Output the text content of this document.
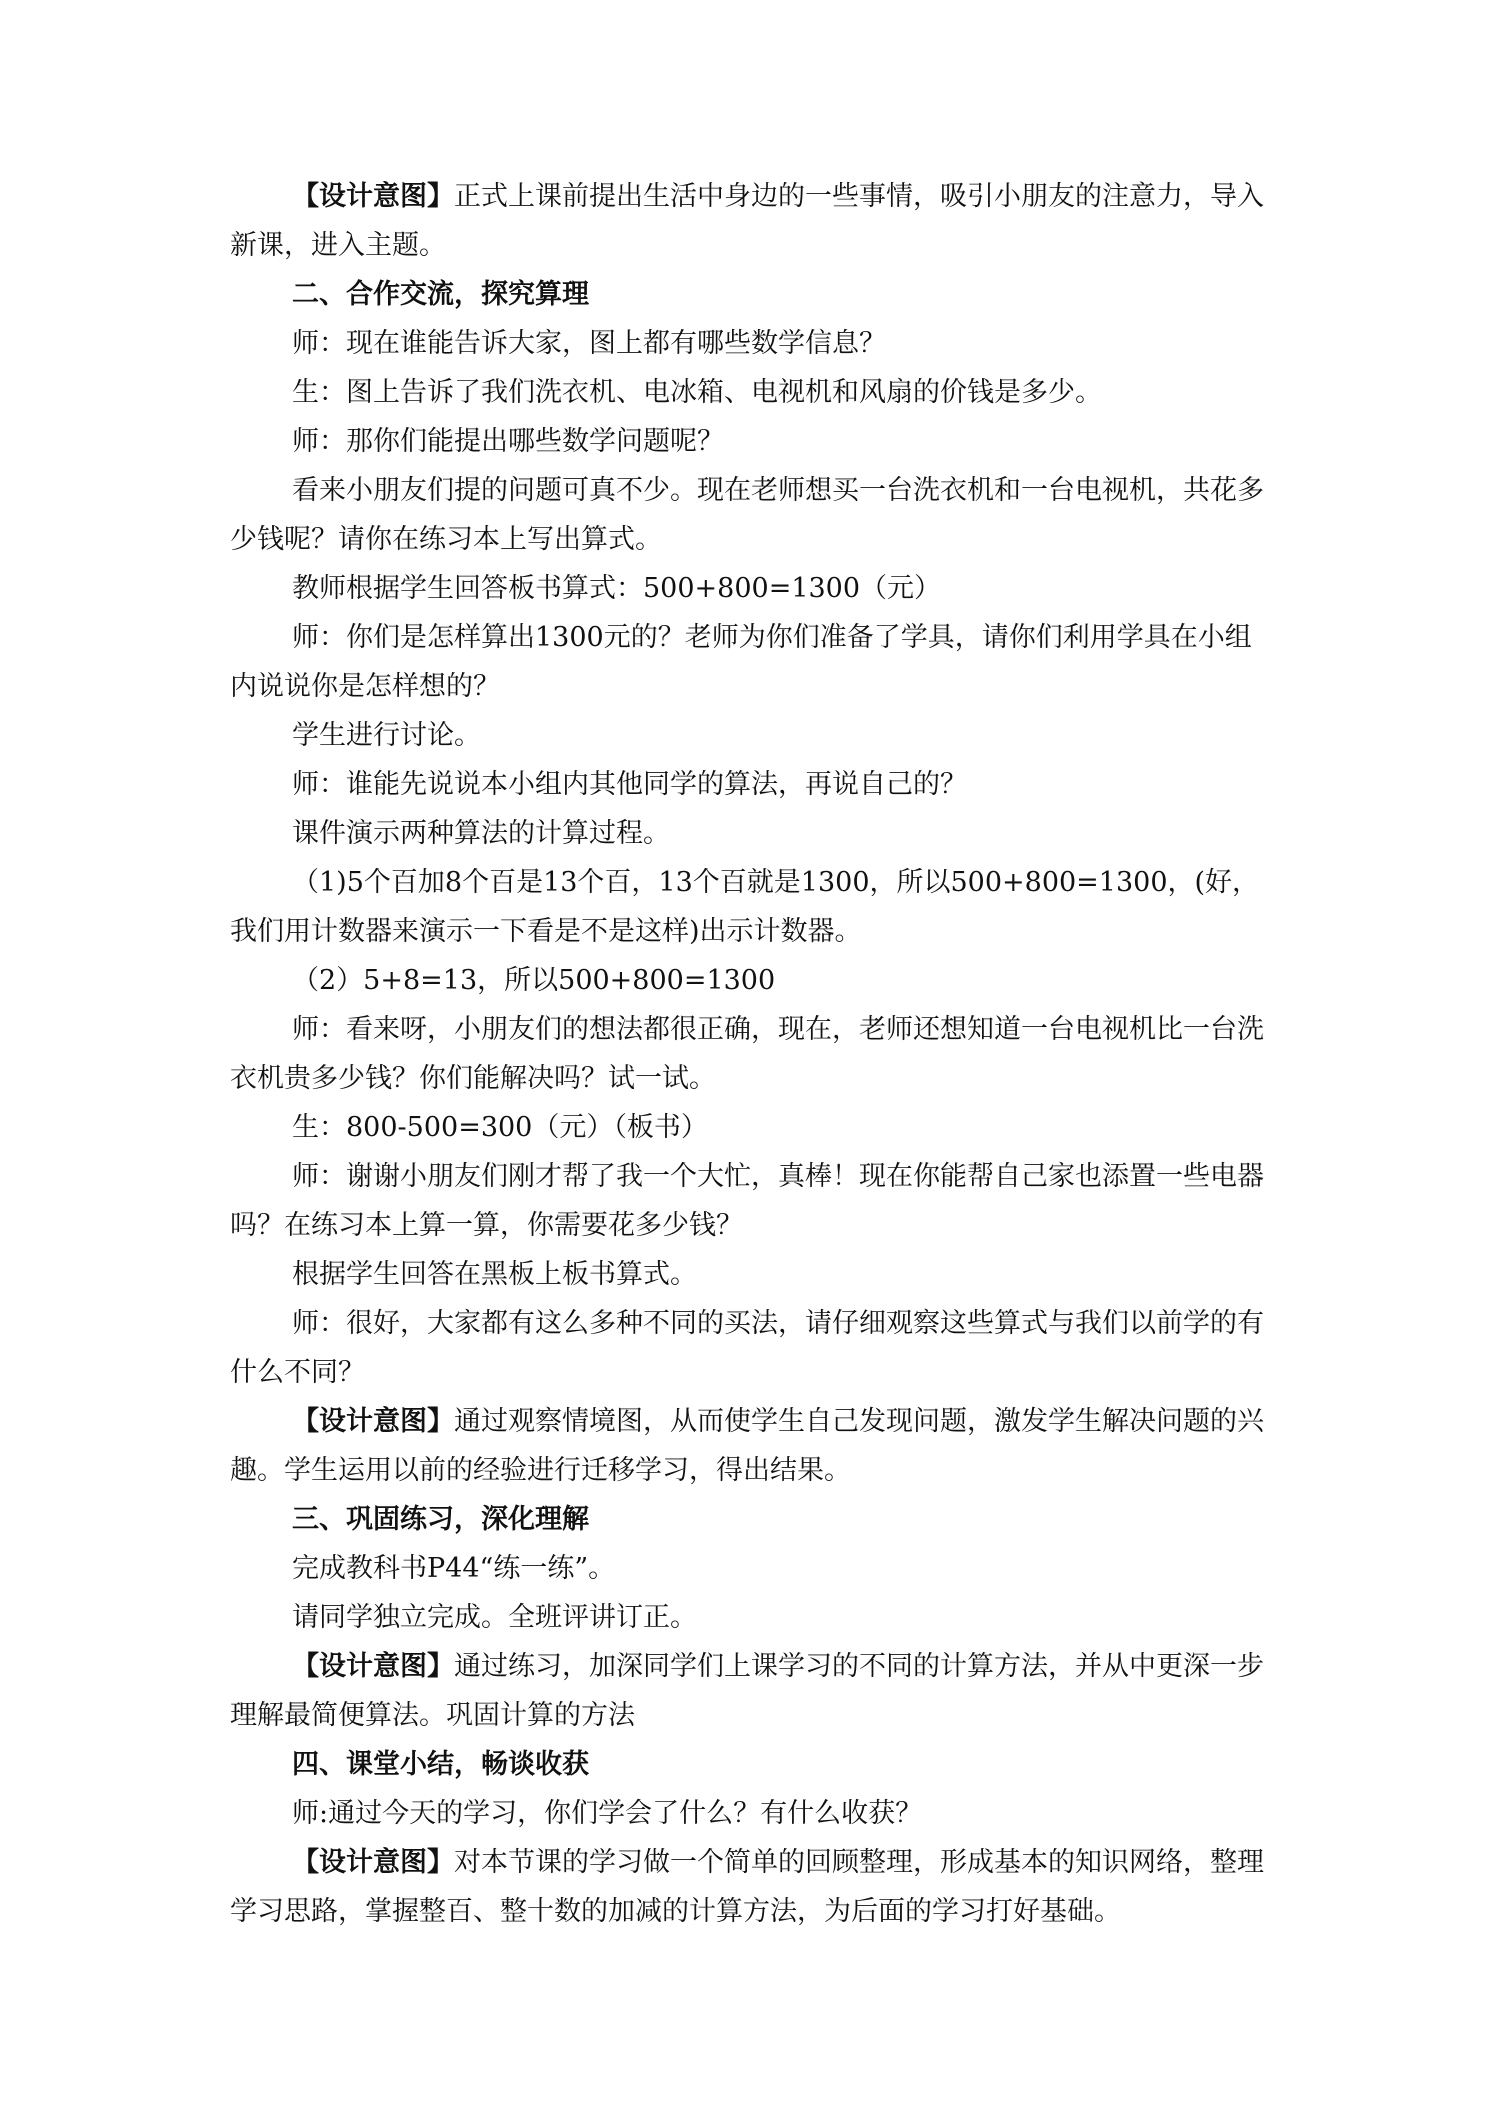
【设计意图】正式上课前提出生活中身边的一些事情，吸引小朋友的注意力，导入新课，进入主题。

二、合作交流，探究算理

师：现在谁能告诉大家，图上都有哪些数学信息？

生：图上告诉了我们洗衣机、电冰箱、电视机和风扇的价钱是多少。

师：那你们能提出哪些数学问题呢？

看来小朋友们提的问题可真不少。现在老师想买一台洗衣机和一台电视机，共花多少钱呢？请你在练习本上写出算式。

教师根据学生回答板书算式：500+800=1300（元）

师：你们是怎样算出1300元的？老师为你们准备了学具，请你们利用学具在小组内说说你是怎样想的？

学生进行讨论。

师：谁能先说说本小组内其他同学的算法，再说自己的？

课件演示两种算法的计算过程。

（1)5个百加8个百是13个百，13个百就是1300，所以500+800=1300，(好，我们用计数器来演示一下看是不是这样)出示计数器。

（2）5+8=13，所以500+800=1300

师：看来呀，小朋友们的想法都很正确，现在，老师还想知道一台电视机比一台洗衣机贵多少钱？你们能解决吗？试一试。

生：800-500=300（元）（板书）

师：谢谢小朋友们刚才帮了我一个大忙，真棒！现在你能帮自己家也添置一些电器吗？在练习本上算一算，你需要花多少钱？

根据学生回答在黑板上板书算式。

师：很好，大家都有这么多种不同的买法，请仔细观察这些算式与我们以前学的有什么不同？

【设计意图】通过观察情境图，从而使学生自己发现问题，激发学生解决问题的兴趣。学生运用以前的经验进行迁移学习，得出结果。

三、巩固练习，深化理解

完成教科书P44“练一练”。

请同学独立完成。全班评讲订正。

【设计意图】通过练习，加深同学们上课学习的不同的计算方法，并从中更深一步理解最简便算法。巩固计算的方法

四、课堂小结，畅谈收获

师:通过今天的学习，你们学会了什么？有什么收获？

【设计意图】对本节课的学习做一个简单的回顾整理，形成基本的知识网络，整理学习思路，掌握整百、整十数的加减的计算方法，为后面的学习打好基础。
